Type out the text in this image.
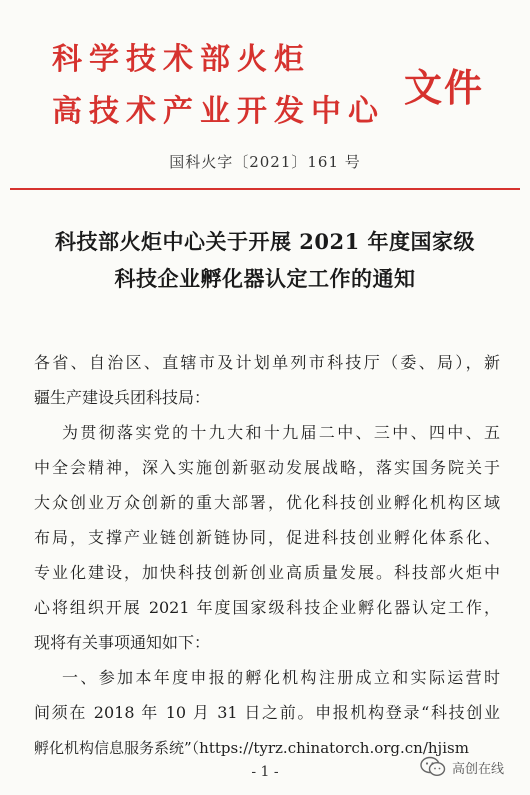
科学技术部火炬
高技术产业开发中心
文件
国科火字〔2021〕161 号
科技部火炬中心关于开展 2021 年度国家级
科技企业孵化器认定工作的通知
各省、自治区、直辖市及计划单列市科技厅（委、局），新
疆生产建设兵团科技局：
为贯彻落实党的十九大和十九届二中、三中、四中、五
中全会精神，深入实施创新驱动发展战略，落实国务院关于
大众创业万众创新的重大部署，优化科技创业孵化机构区域
布局，支撑产业链创新链协同，促进科技创业孵化体系化、
专业化建设，加快科技创新创业高质量发展。科技部火炬中
心将组织开展 2021 年度国家级科技企业孵化器认定工作，
现将有关事项通知如下：
一、参加本年度申报的孵化机构注册成立和实际运营时
间须在 2018 年 10 月 31 日之前。申报机构登录“科技创业
孵化机构信息服务系统”（https://tyrz.chinatorch.org.cn/hjism
- 1 -	高创在线
